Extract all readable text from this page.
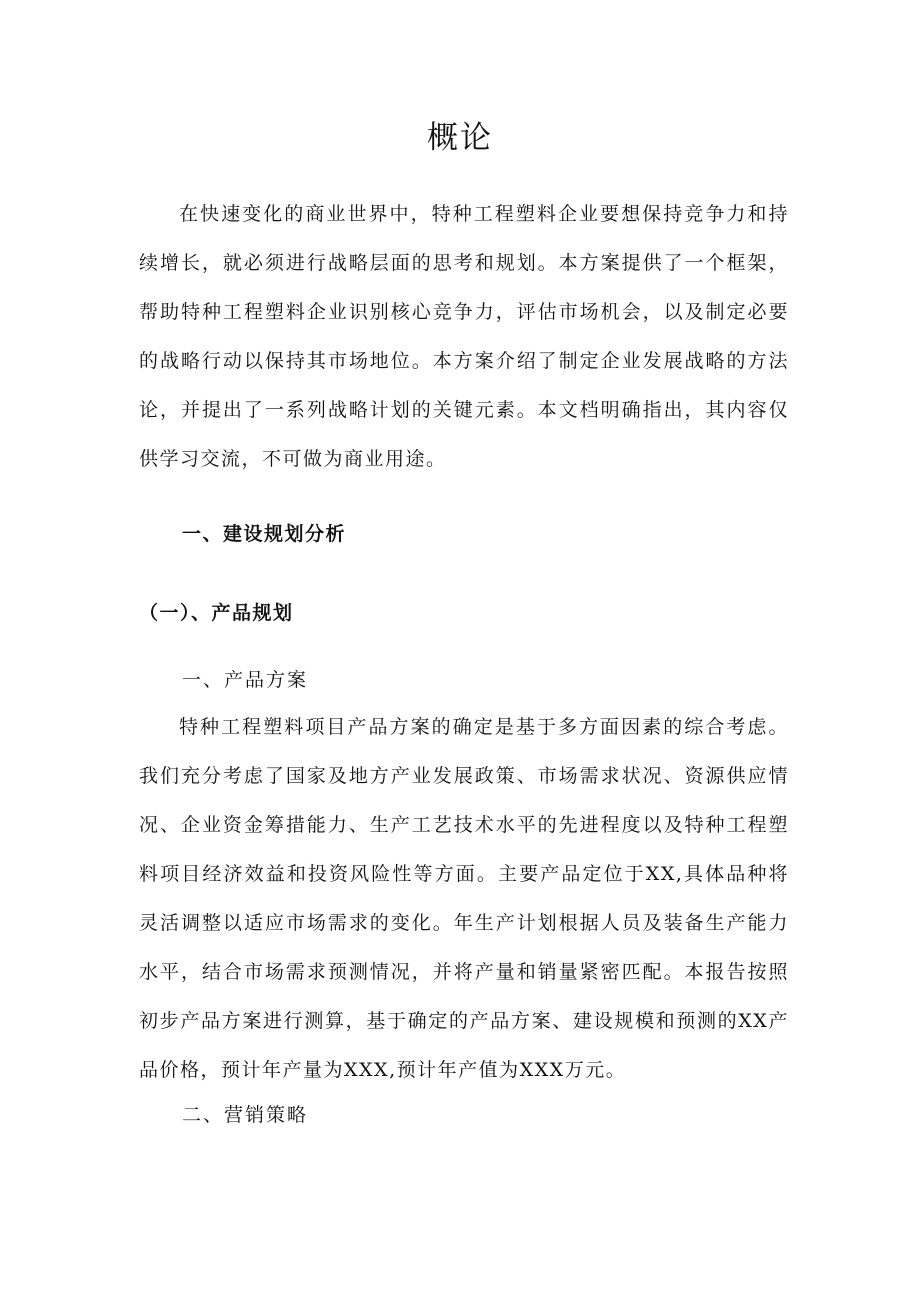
概论

在快速变化的商业世界中，特种工程塑料企业要想保持竞争力和持续增长，就必须进行战略层面的思考和规划。本方案提供了一个框架，帮助特种工程塑料企业识别核心竞争力，评估市场机会，以及制定必要的战略行动以保持其市场地位。本方案介绍了制定企业发展战略的方法论，并提出了一系列战略计划的关键元素。本文档明确指出，其内容仅供学习交流，不可做为商业用途。

一、建设规划分析
（一）、产品规划

一、产品方案

特种工程塑料项目产品方案的确定是基于多方面因素的综合考虑。我们充分考虑了国家及地方产业发展政策、市场需求状况、资源供应情况、企业资金筹措能力、生产工艺技术水平的先进程度以及特种工程塑料项目经济效益和投资风险性等方面。主要产品定位于XX,具体品种将灵活调整以适应市场需求的变化。年生产计划根据人员及装备生产能力水平，结合市场需求预测情况，并将产量和销量紧密匹配。本报告按照初步产品方案进行测算，基于确定的产品方案、建设规模和预测的XX产品价格，预计年产量为XXX,预计年产值为XXX万元。

二、营销策略
